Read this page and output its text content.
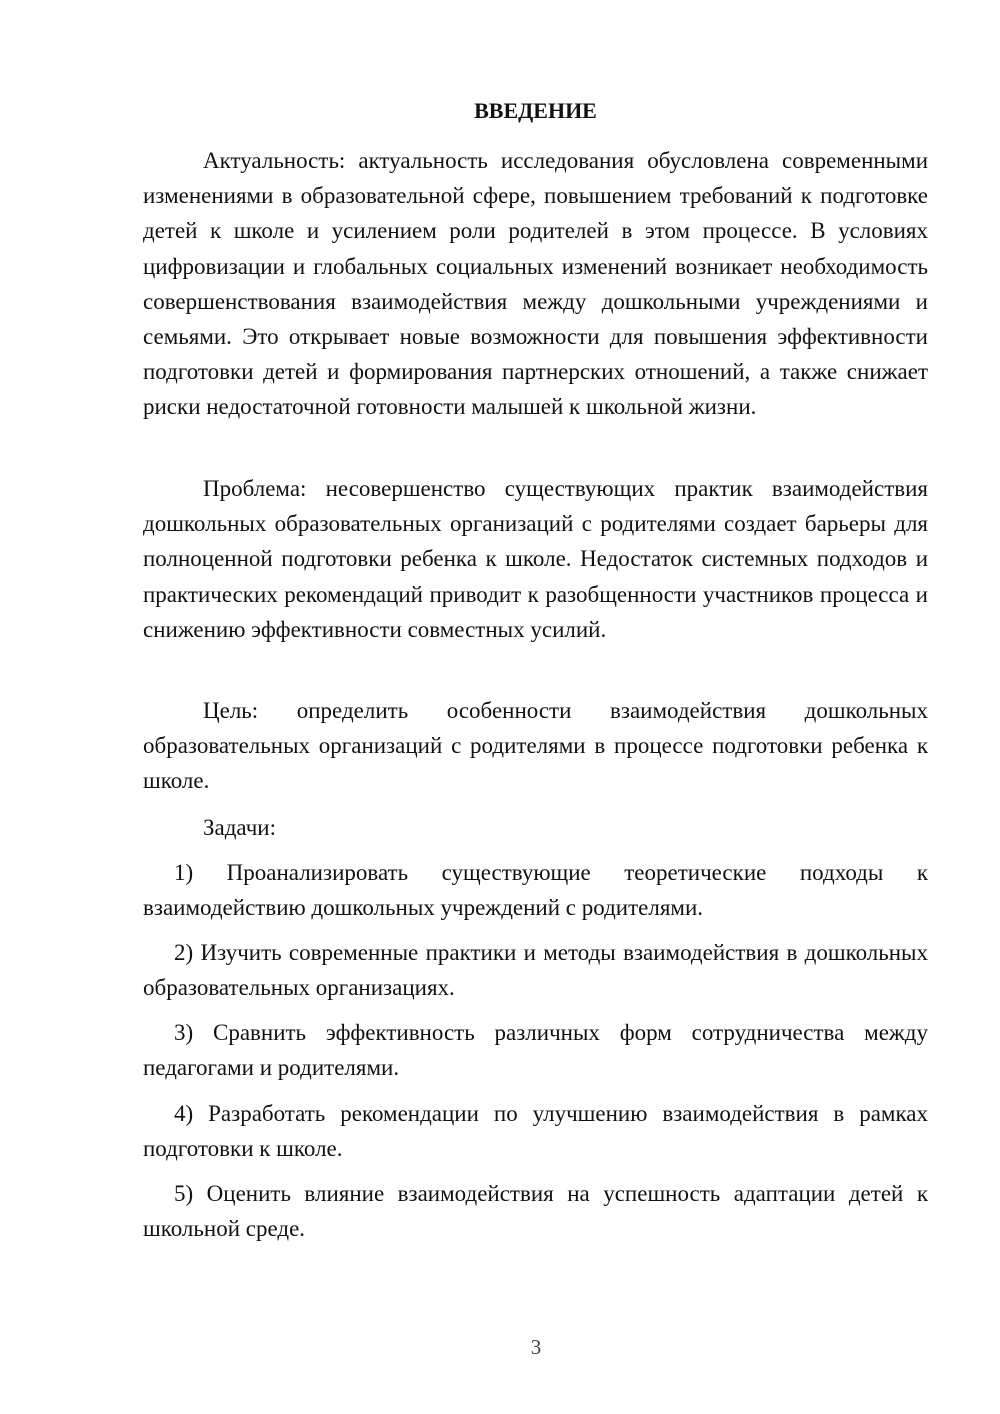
ВВЕДЕНИЕ

Актуальность: актуальность исследования обусловлена современными изменениями в образовательной сфере, повышением требований к подготовке детей к школе и усилением роли родителей в этом процессе. В условиях цифровизации и глобальных социальных изменений возникает необходимость совершенствования взаимодействия между дошкольными учреждениями и семьями. Это открывает новые возможности для повышения эффективности подготовки детей и формирования партнерских отношений, а также снижает риски недостаточной готовности малышей к школьной жизни.

Проблема: несовершенство существующих практик взаимодействия дошкольных образовательных организаций с родителями создает барьеры для полноценной подготовки ребенка к школе. Недостаток системных подходов и практических рекомендаций приводит к разобщенности участников процесса и снижению эффективности совместных усилий.

Цель: определить особенности взаимодействия дошкольных образовательных организаций с родителями в процессе подготовки ребенка к школе.

Задачи:

1) Проанализировать существующие теоретические подходы к взаимодействию дошкольных учреждений с родителями.

2) Изучить современные практики и методы взаимодействия в дошкольных образовательных организациях.

3) Сравнить эффективность различных форм сотрудничества между педагогами и родителями.

4) Разработать рекомендации по улучшению взаимодействия в рамках подготовки к школе.

5) Оценить влияние взаимодействия на успешность адаптации детей к школьной среде.

3
